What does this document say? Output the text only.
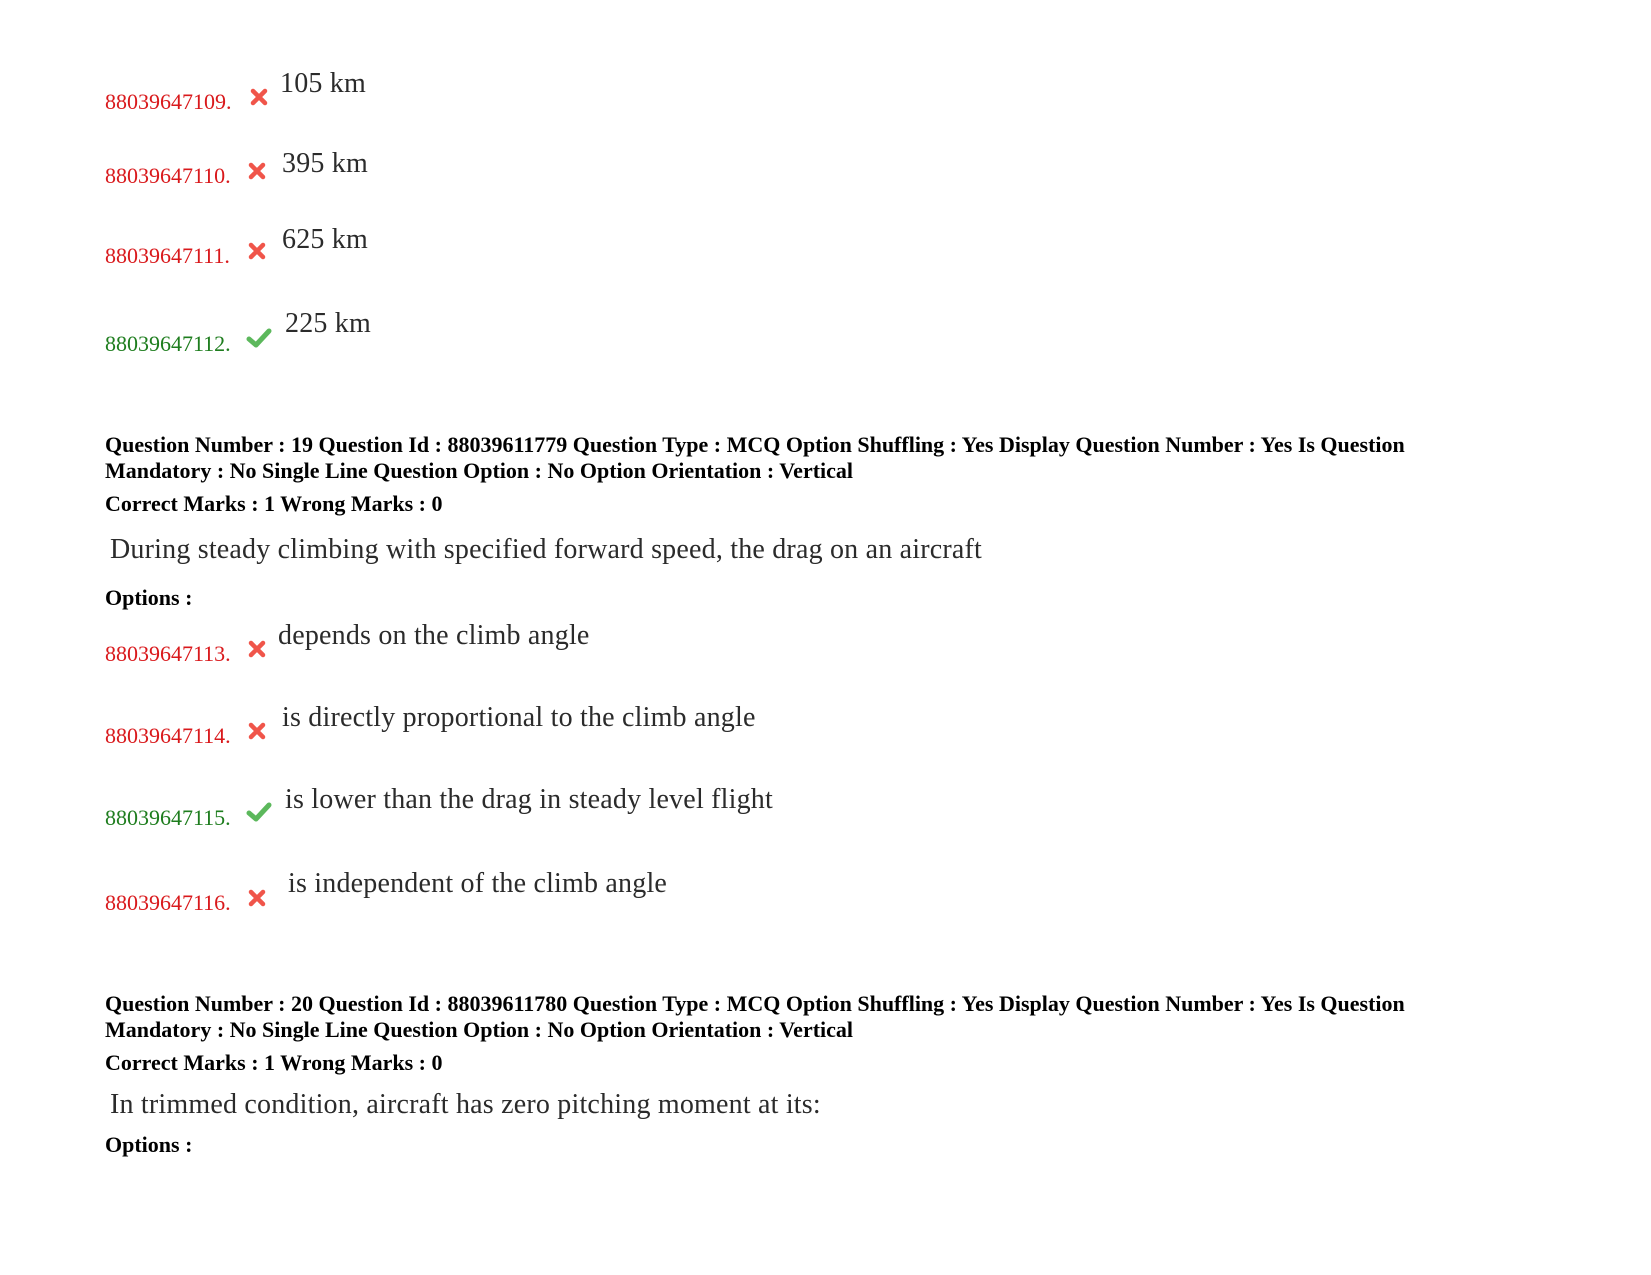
88039647109.
105 km
88039647110. 395 km
88039647111.
625 km
88039647112.
225 km
Question Number : 19 Question Id : 88039611779 Question Type : MCQ Option Shuffling : Yes Display Question Number : Yes Is Question
Mandatory : No Single Line Question Option : No Option Orientation : Vertical
Correct Marks : 1 Wrong Marks : 0
During steady climbing with specified forward speed, the drag on an aircraft
Options :
88039647113.
depends on the climb angle
88039647114.
is directly proportional to the climb angle
88039647115.
is lower than the drag in steady level flight
88039647116.
is independent of the climb angle
Question Number : 20 Question Id : 88039611780 Question Type : MCQ Option Shuffling : Yes Display Question Number : Yes Is Question
Mandatory : No Single Line Question Option : No Option Orientation : Vertical
Correct Marks : 1 Wrong Marks : 0
In trimmed condition, aircraft has zero pitching moment at its:
Options :
